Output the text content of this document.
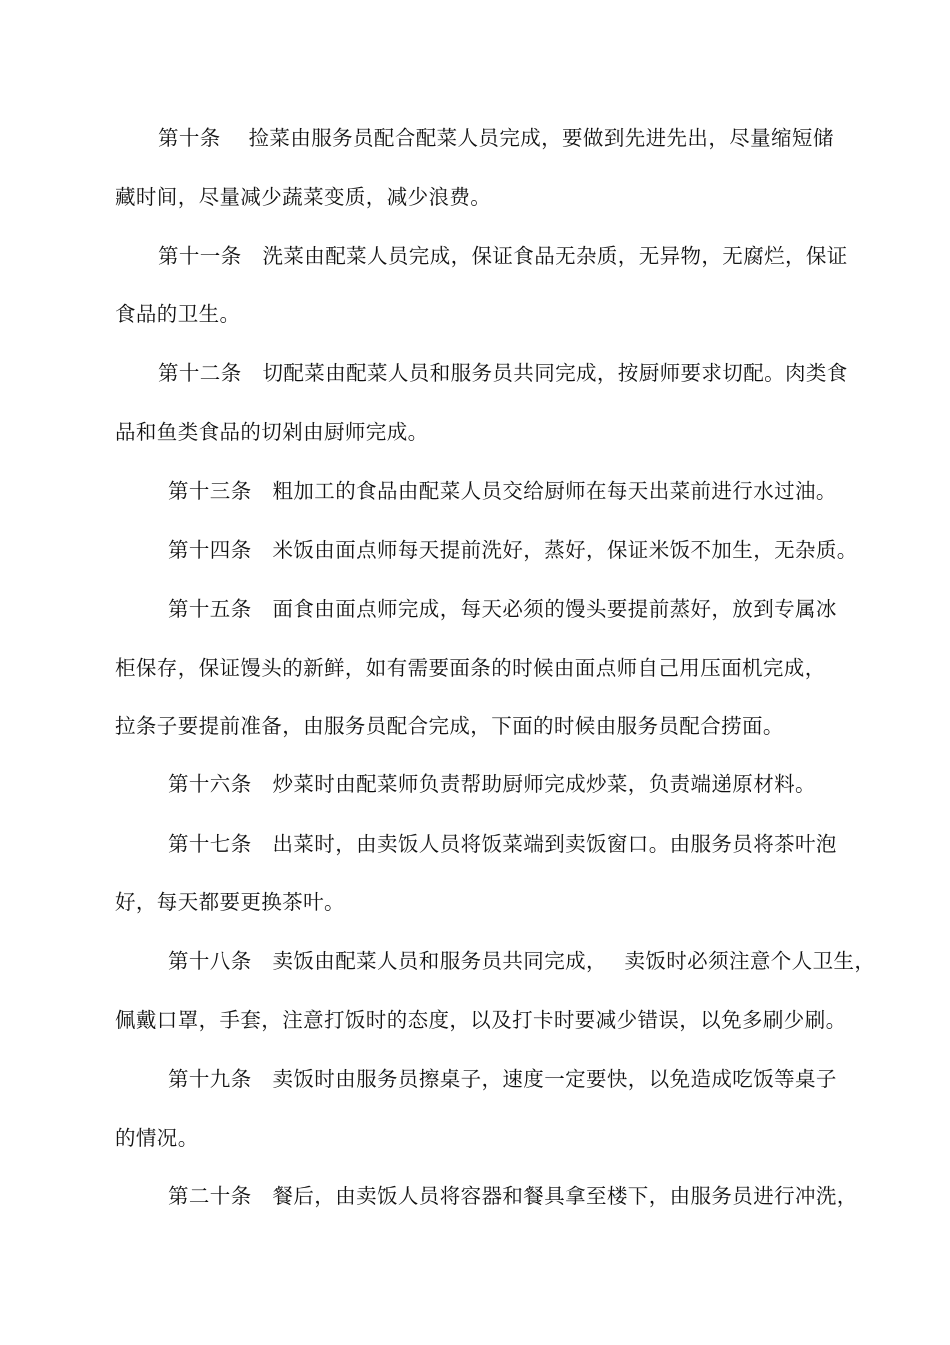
第十条　 捡菜由服务员配合配菜人员完成，要做到先进先出，尽量缩短储
藏时间，尽量减少蔬菜变质，减少浪费。
第十一条　洗菜由配菜人员完成，保证食品无杂质，无异物，无腐烂，保证
食品的卫生。
第十二条　切配菜由配菜人员和服务员共同完成，按厨师要求切配。肉类食
品和鱼类食品的切剁由厨师完成。
第十三条　粗加工的食品由配菜人员交给厨师在每天出菜前进行水过油。
第十四条　米饭由面点师每天提前洗好，蒸好，保证米饭不加生，无杂质。
第十五条　面食由面点师完成，每天必须的馒头要提前蒸好，放到专属冰
柜保存，保证馒头的新鲜，如有需要面条的时候由面点师自己用压面机完成，
拉条子要提前准备，由服务员配合完成，下面的时候由服务员配合捞面。
第十六条　炒菜时由配菜师负责帮助厨师完成炒菜，负责端递原材料。
第十七条　出菜时，由卖饭人员将饭菜端到卖饭窗口。由服务员将茶叶泡
好，每天都要更换茶叶。
第十八条　卖饭由配菜人员和服务员共同完成，　 卖饭时必须注意个人卫生，
佩戴口罩，手套，注意打饭时的态度，以及打卡时要减少错误，以免多刷少刷。
第十九条　卖饭时由服务员擦桌子，速度一定要快，以免造成吃饭等桌子
的情况。
第二十条　餐后，由卖饭人员将容器和餐具拿至楼下，由服务员进行冲洗，
